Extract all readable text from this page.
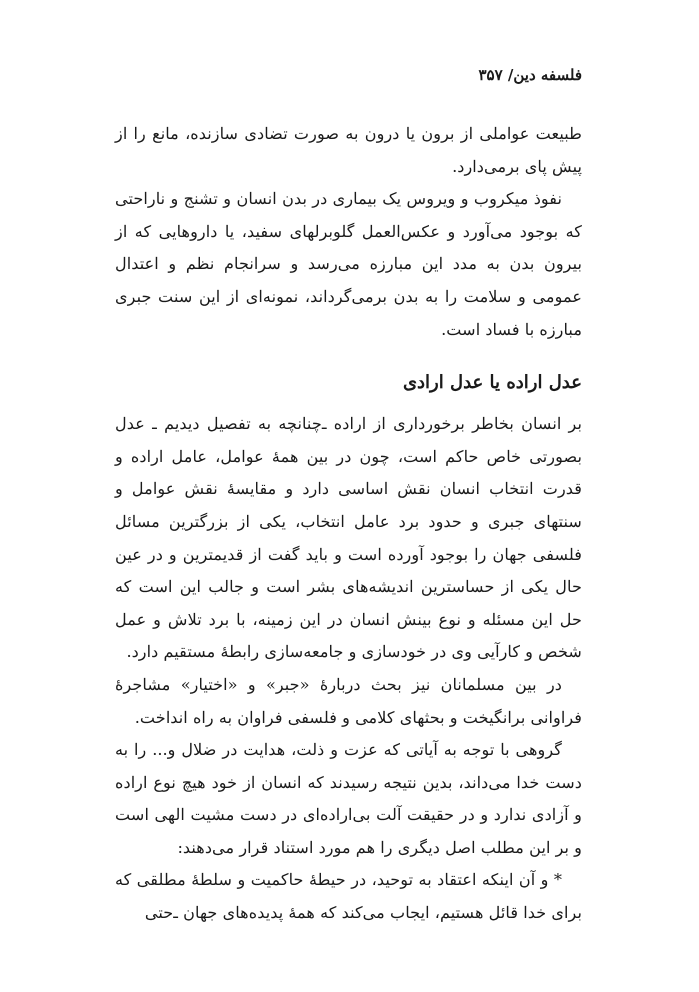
فلسفه دین/ ۳۵۷

طبیعت عواملی از برون یا درون به صورت تضادی سازنده، مانع را از پیش پای برمی‌دارد.

نفوذ میکروب و ویروس یک بیماری در بدن انسان و تشنج و ناراحتی که بوجود می‌آورد و عکس‌العمل گلوبرلهای سفید، یا داروهایی که از بیرون بدن به مدد این مبارزه می‌رسد و سرانجام نظم و اعتدال عمومی و سلامت را به بدن برمی‌گرداند، نمونه‌ای از این سنت جبری مبارزه با فساد است.

عدل اراده یا عدل ارادی

بر انسان بخاطر برخورداری از اراده ـ‌چنانچه به تفصیل دیدیم ـ‌ عدل بصورتی خاص حاکم است، چون در بین همهٔ عوامل، عامل اراده و قدرت انتخاب انسان نقش اساسی دارد و مقایسهٔ نقش عوامل و سنتهای جبری و حدود برد عامل انتخاب، یکی از بزرگترین مسائل فلسفی جهان را بوجود آورده است و باید گفت از قدیمترین و در عین حال یکی از حساسترین اندیشه‌های بشر است و جالب این است که حل این مسئله و نوع بینش انسان در این زمینه، با برد تلاش و عمل شخص و کارآیی وی در خودسازی و جامعه‌سازی رابطهٔ مستقیم دارد.

در بین مسلمانان نیز بحث دربارهٔ «جبر» و «اختیار» مشاجرهٔ فراوانی برانگیخت و بحثهای کلامی و فلسفی فراوان به راه انداخت.

گروهی با توجه به آیاتی که عزت و ذلت، هدایت در ضلال و... را به دست خدا می‌داند، بدین نتیجه رسیدند که انسان از خود هیچ نوع اراده و آزادی ندارد و در حقیقت آلت بی‌اراده‌ای در دست مشیت الهی است و بر این مطلب اصل دیگری را هم مورد استناد قرار می‌دهند:

* و آن اینکه اعتقاد به توحید، در حیطهٔ حاکمیت و سلطهٔ مطلقی که برای خدا قائل هستیم، ایجاب می‌کند که همهٔ پدیده‌های جهان ـ‌حتی
